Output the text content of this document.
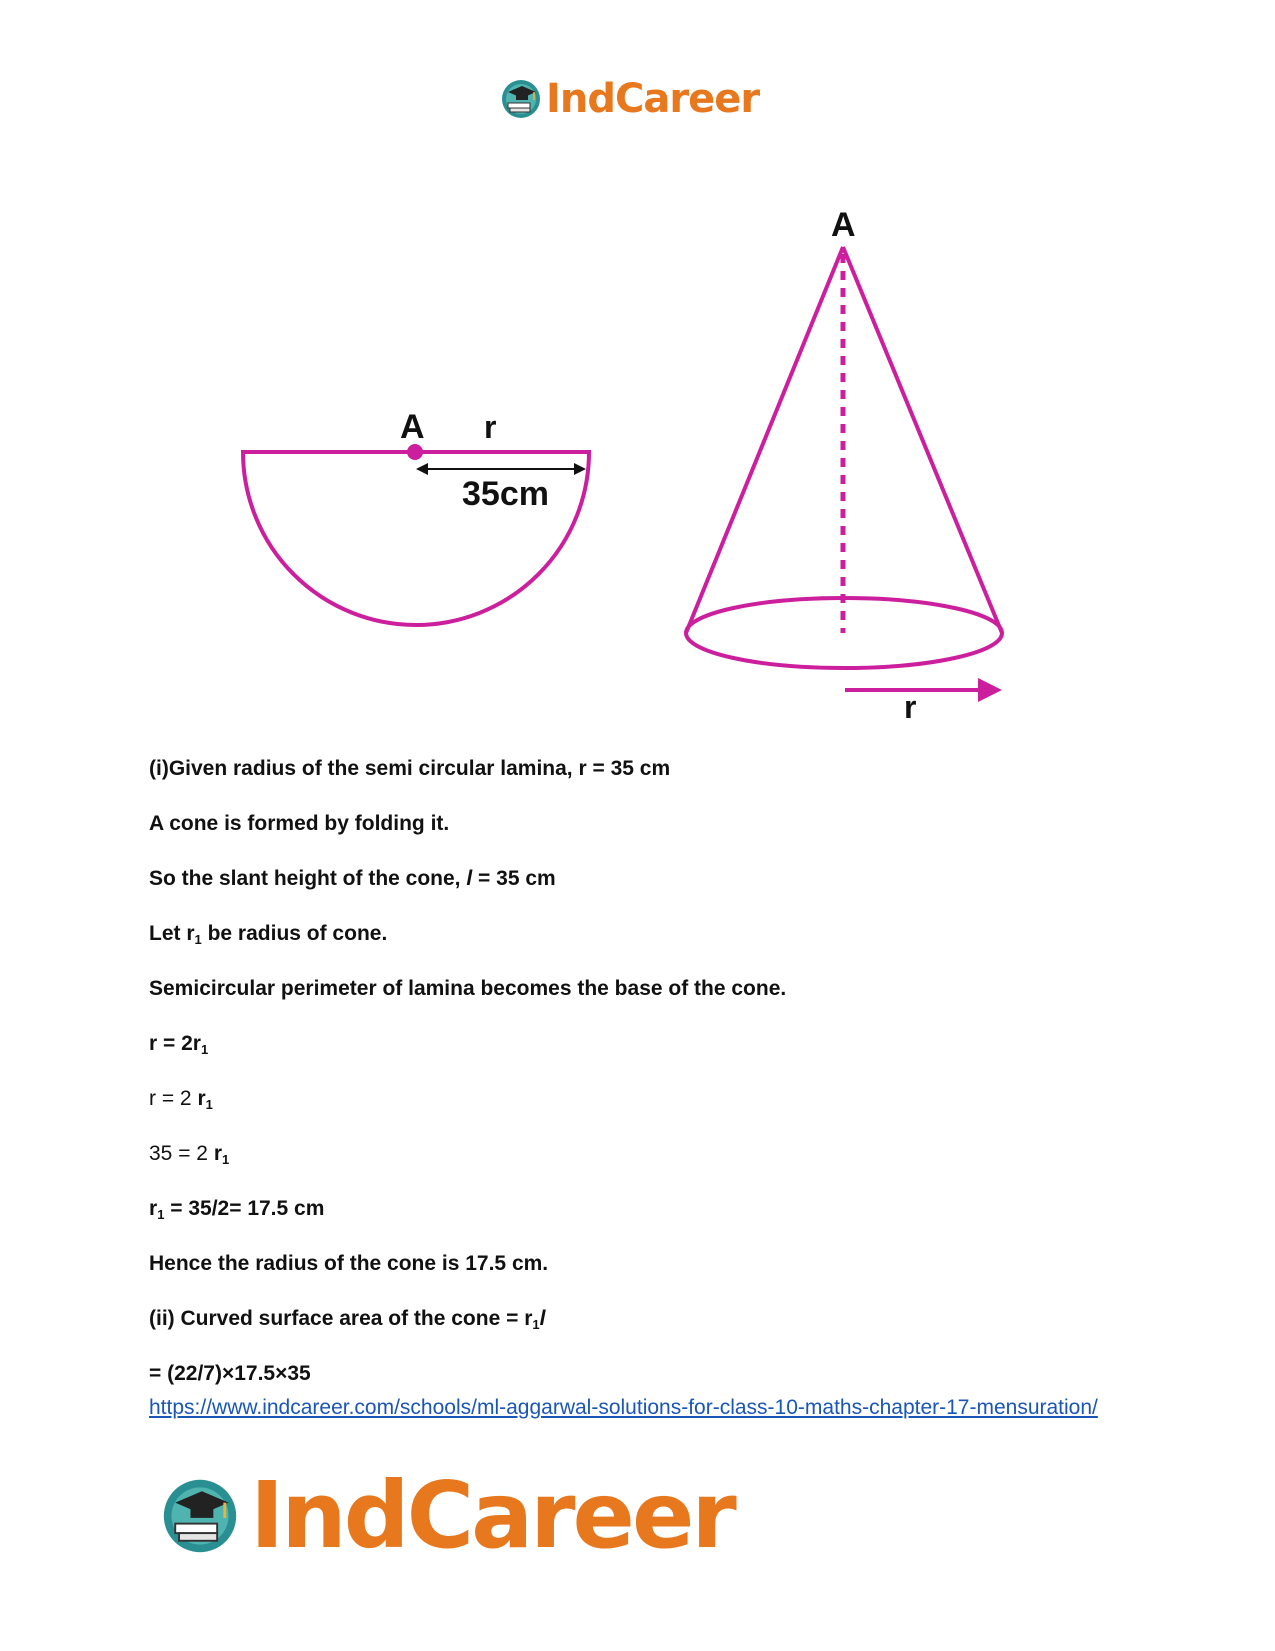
IndCareer
A r
35cm
A
r
(i)Given radius of the semi circular lamina, r = 35 cm
A cone is formed by folding it.
So the slant height of the cone, l = 35 cm
Let $r_1$ be radius of cone.
Semicircular perimeter of lamina becomes the base of the cone.
$r = 2r_1$
r = 2 $r_1$
35 = 2 $r_1$
$r_1 = 35/2= 17.5$ cm
Hence the radius of the cone is 17.5 cm.
(ii) Curved surface area of the cone = $r_1l$
= (22/7)×17.5×35
https://www.indcareer.com/schools/ml-aggarwal-solutions-for-class-10-maths-chapter-17-mensuration/
IndCareer
